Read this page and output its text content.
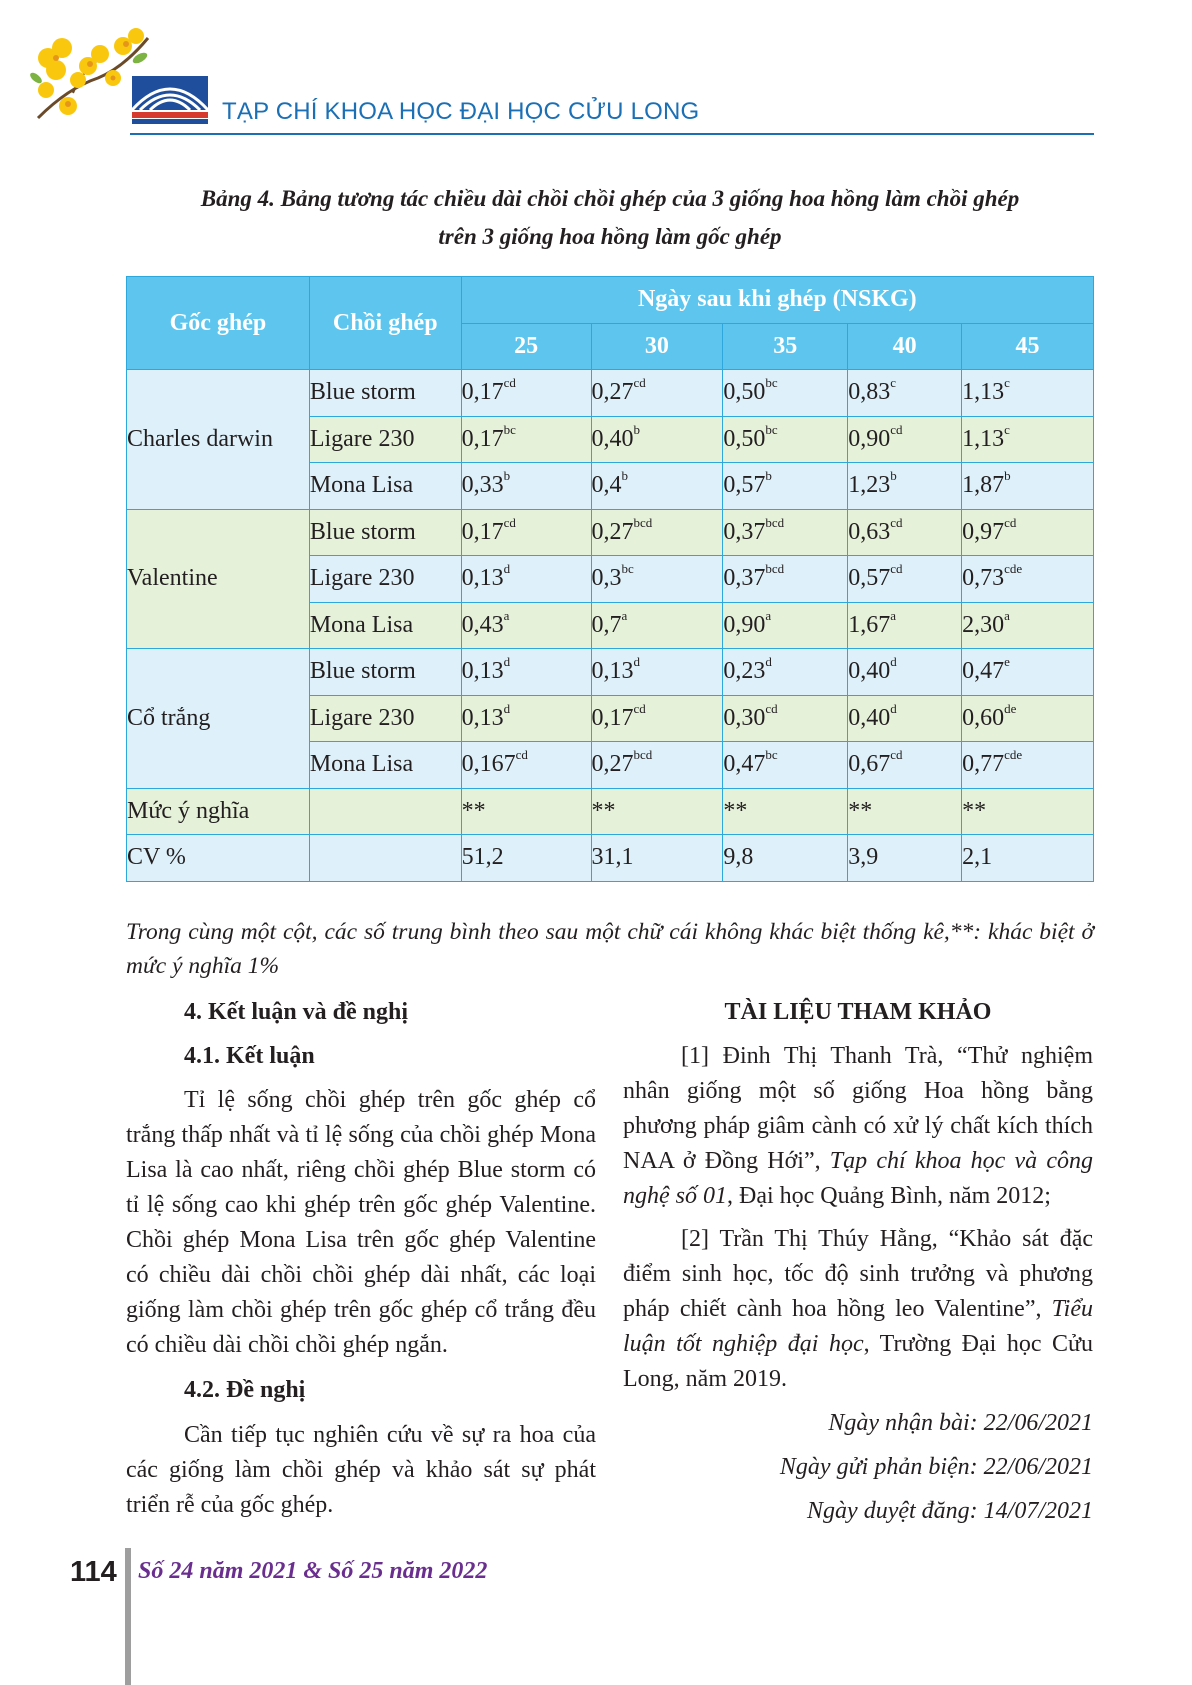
TẠP CHÍ KHOA HỌC ĐẠI HỌC CỬU LONG
Bảng 4. Bảng tương tác chiều dài chồi chồi ghép của 3 giống hoa hồng làm chồi ghép
trên 3 giống hoa hồng làm gốc ghép
Gốc ghép	Chồi ghép	Ngày sau khi ghép (NSKG)				
		25	30	35	40	45
Charles darwin	Blue storm	0,17$^{cd}$	0,27$^{cd}$	0,50$^{bc}$	0,83$^c$	1,13$^c$
	Ligare 230	0,17$^{bc}$	0,40$^b$	0,50$^{bc}$	0,90$^{cd}$	1,13$^c$
	Mona Lisa	0,33$^b$	0,4$^b$	0,57$^b$	1,23$^b$	1,87$^b$
Valentine	Blue storm	0,17$^{cd}$	0,27$^{bcd}$	0,37$^{bcd}$	0,63$^{cd}$	0,97$^{cd}$
	Ligare 230	0,13$^d$	0,3$^{bc}$	0,37$^{bcd}$	0,57$^{cd}$	0,73$^{cde}$
	Mona Lisa	0,43$^a$	0,7$^a$	0,90$^a$	1,67$^a$	2,30$^a$
Cổ trắng	Blue storm	0,13$^d$	0,13$^d$	0,23$^d$	0,40$^d$	0,47e
	Ligare 230	0,13$^d$	0,17$^{cd}$	0,30$^{cd}$	0,40$^d$	0,60de
	Mona Lisa	0,167$^{cd}$	0,27$^{bcd}$	0,47$^{bc}$	0,67$^{cd}$	0,77$^{cde}$
Mức ý nghĩa		**	**	**	**	**
CV %		51,2	31,1	9,8	3,9	2,1
Trong cùng một cột, các số trung bình theo sau một chữ cái không khác biệt thống kê,**: khác biệt ở mức ý nghĩa 1%

4. Kết luận và đề nghị

4.1. Kết luận

Tỉ lệ sống chồi ghép trên gốc ghép cổ trắng thấp nhất và tỉ lệ sống của chồi ghép Mona Lisa là cao nhất, riêng chồi ghép Blue storm có tỉ lệ sống cao khi ghép trên gốc ghép Valentine. Chồi ghép Mona Lisa trên gốc ghép Valentine có chiều dài chồi chồi ghép dài nhất, các loại giống làm chồi ghép trên gốc ghép cổ trắng đều có chiều dài chồi chồi ghép ngắn.

4.2. Đề nghị

Cần tiếp tục nghiên cứu về sự ra hoa của các giống làm chồi ghép và khảo sát sự phát triển rễ của gốc ghép.

TÀI LIỆU THAM KHẢO

[1] Đinh Thị Thanh Trà, “Thử nghiệm nhân giống một số giống Hoa hồng bằng phương pháp giâm cành có xử lý chất kích thích NAA ở Đồng Hới”, Tạp chí khoa học và công nghệ số 01, Đại học Quảng Bình, năm 2012;

[2] Trần Thị Thúy Hằng, “Khảo sát đặc điểm sinh học, tốc độ sinh trưởng và phương pháp chiết cành hoa hồng leo Valentine”, Tiểu luận tốt nghiệp đại học, Trường Đại học Cửu Long, năm 2019.

Ngày nhận bài: 22/06/2021

Ngày gửi phản biện: 22/06/2021

Ngày duyệt đăng: 14/07/2021

114 Số 24 năm 2021 & Số 25 năm 2022
